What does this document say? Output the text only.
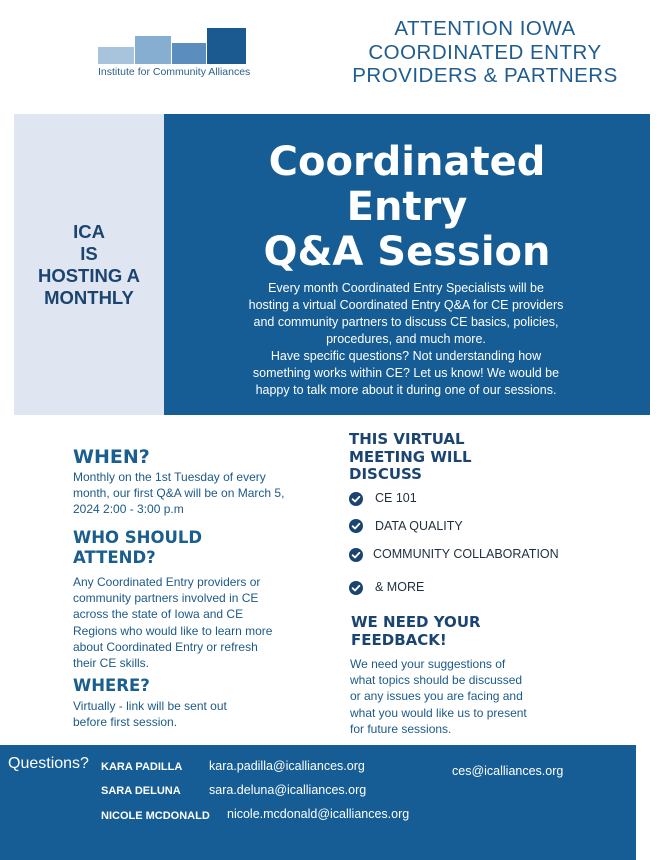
Institute for Community Alliances
ATTENTION IOWA
COORDINATED ENTRY
PROVIDERS & PARTNERS
ICA
IS
HOSTING A
MONTHLY
Coordinated
Entry
Q&A Session
Every month Coordinated Entry Specialists will be
hosting a virtual Coordinated Entry Q&A for CE providers
and community partners to discuss CE basics, policies,
procedures, and much more.
Have specific questions? Not understanding how
something works within CE? Let us know! We would be
happy to talk more about it during one of our sessions.
WHEN?
Monthly on the 1st Tuesday of every
month, our first Q&A will be on March 5,
2024 2:00 - 3:00 p.m
WHO SHOULD
ATTEND?
Any Coordinated Entry providers or
community partners involved in CE
across the state of Iowa and CE
Regions who would like to learn more
about Coordinated Entry or refresh
their CE skills.
WHERE?
Virtually - link will be sent out
before first session.
THIS VIRTUAL
MEETING WILL
DISCUSS
CE 101
DATA QUALITY
COMMUNITY COLLABORATION
& MORE
WE NEED YOUR
FEEDBACK!
We need your suggestions of
what topics should be discussed
or any issues you are facing and
what you would like us to present
for future sessions.
Questions? KARA PADILLA kara.padilla@icalliances.org
SARA DELUNA sara.deluna@icalliances.org
NICOLE MCDONALD nicole.mcdonald@icalliances.org
ces@icalliances.org
